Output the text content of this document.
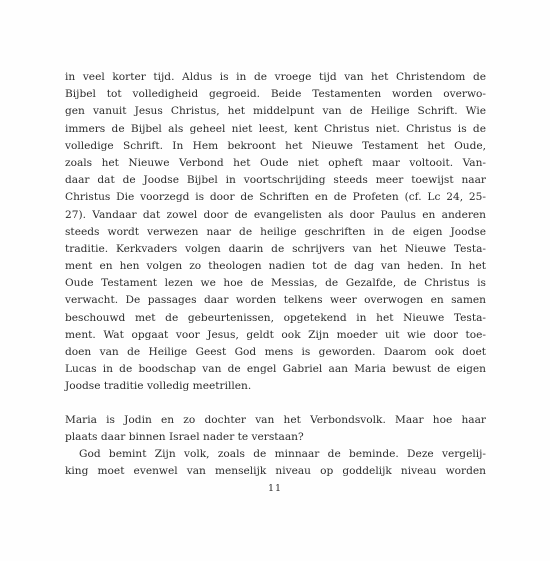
in veel korter tijd. Aldus is in de vroege tijd van het Christendom de
Bijbel tot volledigheid gegroeid. Beide Testamenten worden overwo-
gen vanuit Jesus Christus, het middelpunt van de Heilige Schrift. Wie
immers de Bijbel als geheel niet leest, kent Christus niet. Christus is de
volledige Schrift. In Hem bekroont het Nieuwe Testament het Oude,
zoals het Nieuwe Verbond het Oude niet opheft maar voltooit. Van-
daar dat de Joodse Bijbel in voortschrijding steeds meer toewijst naar
Christus Die voorzegd is door de Schriften en de Profeten (cf. Lc 24, 25-
27). Vandaar dat zowel door de evangelisten als door Paulus en anderen
steeds wordt verwezen naar de heilige geschriften in de eigen Joodse
traditie. Kerkvaders volgen daarin de schrijvers van het Nieuwe Testa-
ment en hen volgen zo theologen nadien tot de dag van heden. In het
Oude Testament lezen we hoe de Messias, de Gezalfde, de Christus is
verwacht. De passages daar worden telkens weer overwogen en samen
beschouwd met de gebeurtenissen, opgetekend in het Nieuwe Testa-
ment. Wat opgaat voor Jesus, geldt ook Zijn moeder uit wie door toe-
doen van de Heilige Geest God mens is geworden. Daarom ook doet
Lucas in de boodschap van de engel Gabriel aan Maria bewust de eigen
Joodse traditie volledig meetrillen.
Maria is Jodin en zo dochter van het Verbondsvolk. Maar hoe haar
plaats daar binnen Israel nader te verstaan?
God bemint Zijn volk, zoals de minnaar de beminde. Deze vergelij-
king moet evenwel van menselijk niveau op goddelijk niveau worden
11
